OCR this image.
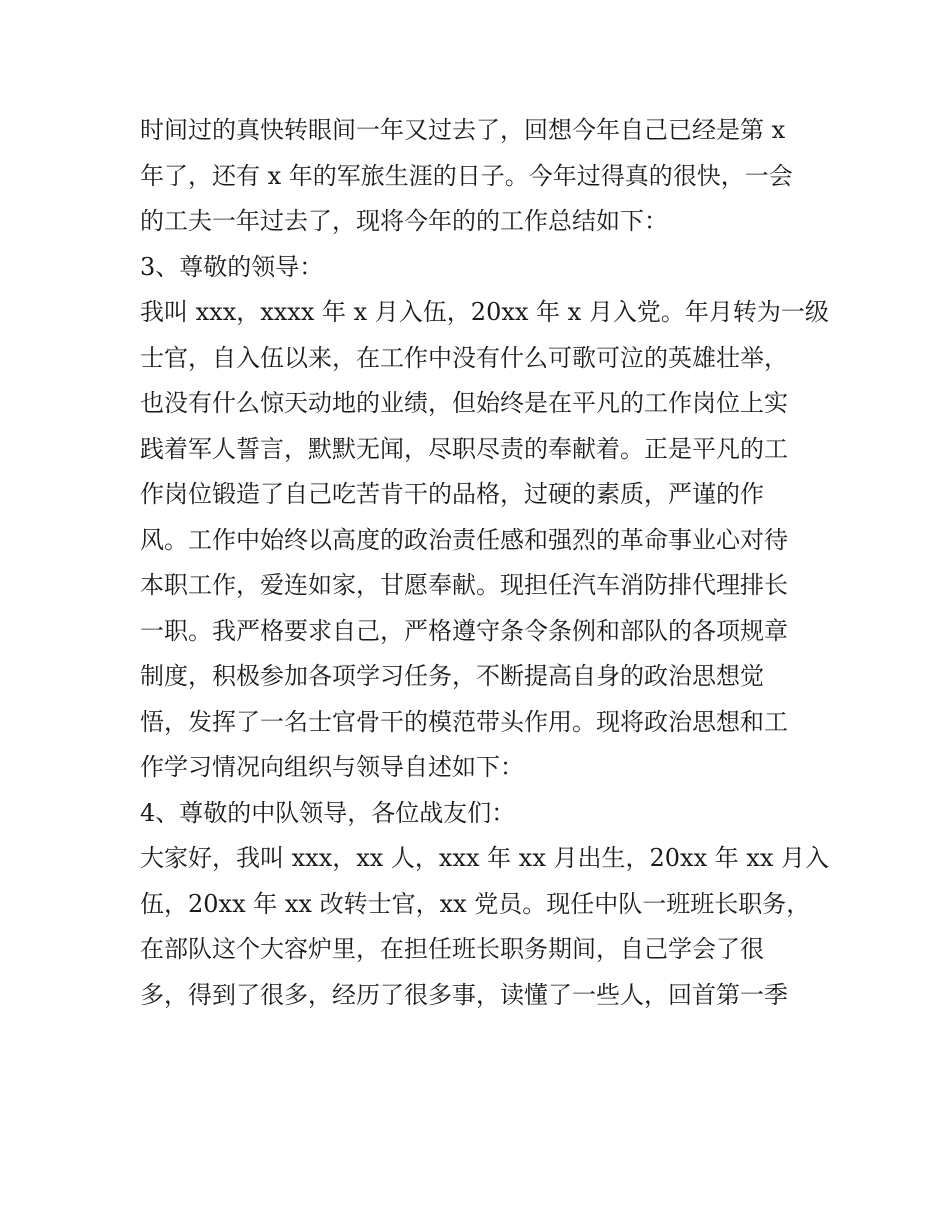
时间过的真快转眼间一年又过去了，回想今年自己已经是第 x
年了，还有 x 年的军旅生涯的日子。今年过得真的很快，一会
的工夫一年过去了，现将今年的的工作总结如下：
3、尊敬的领导：
我叫 xxx，xxxx 年 x 月入伍，20xx 年 x 月入党。年月转为一级
士官，自入伍以来，在工作中没有什么可歌可泣的英雄壮举，
也没有什么惊天动地的业绩，但始终是在平凡的工作岗位上实
践着军人誓言，默默无闻，尽职尽责的奉献着。正是平凡的工
作岗位锻造了自己吃苦肯干的品格，过硬的素质，严谨的作
风。工作中始终以高度的政治责任感和强烈的革命事业心对待
本职工作，爱连如家，甘愿奉献。现担任汽车消防排代理排长
一职。我严格要求自己，严格遵守条令条例和部队的各项规章
制度，积极参加各项学习任务，不断提高自身的政治思想觉
悟，发挥了一名士官骨干的模范带头作用。现将政治思想和工
作学习情况向组织与领导自述如下：
4、尊敬的中队领导，各位战友们：
大家好，我叫 xxx，xx 人，xxx 年 xx 月出生，20xx 年 xx 月入
伍，20xx 年 xx 改转士官，xx 党员。现任中队一班班长职务，
在部队这个大容炉里，在担任班长职务期间，自己学会了很
多，得到了很多，经历了很多事，读懂了一些人，回首第一季
